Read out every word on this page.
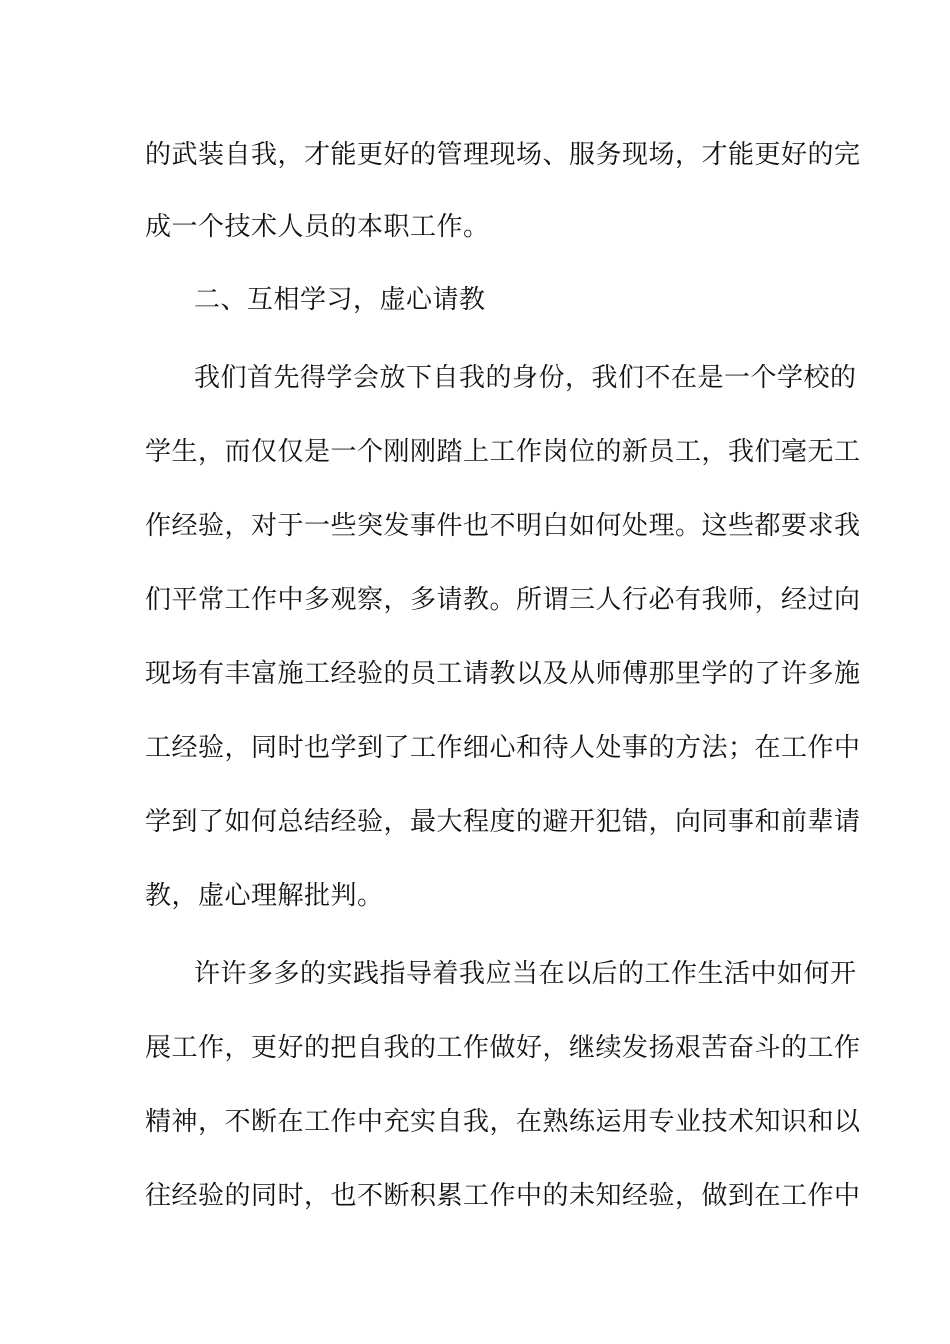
的武装自我，才能更好的管理现场、服务现场，才能更好的完
成一个技术人员的本职工作。
二、互相学习，虚心请教
我们首先得学会放下自我的身份，我们不在是一个学校的
学生，而仅仅是一个刚刚踏上工作岗位的新员工，我们毫无工
作经验，对于一些突发事件也不明白如何处理。这些都要求我
们平常工作中多观察，多请教。所谓三人行必有我师，经过向
现场有丰富施工经验的员工请教以及从师傅那里学的了许多施
工经验，同时也学到了工作细心和待人处事的方法；在工作中
学到了如何总结经验，最大程度的避开犯错，向同事和前辈请
教，虚心理解批判。
许许多多的实践指导着我应当在以后的工作生活中如何开
展工作，更好的把自我的工作做好，继续发扬艰苦奋斗的工作
精神，不断在工作中充实自我，在熟练运用专业技术知识和以
往经验的同时，也不断积累工作中的未知经验，做到在工作中
